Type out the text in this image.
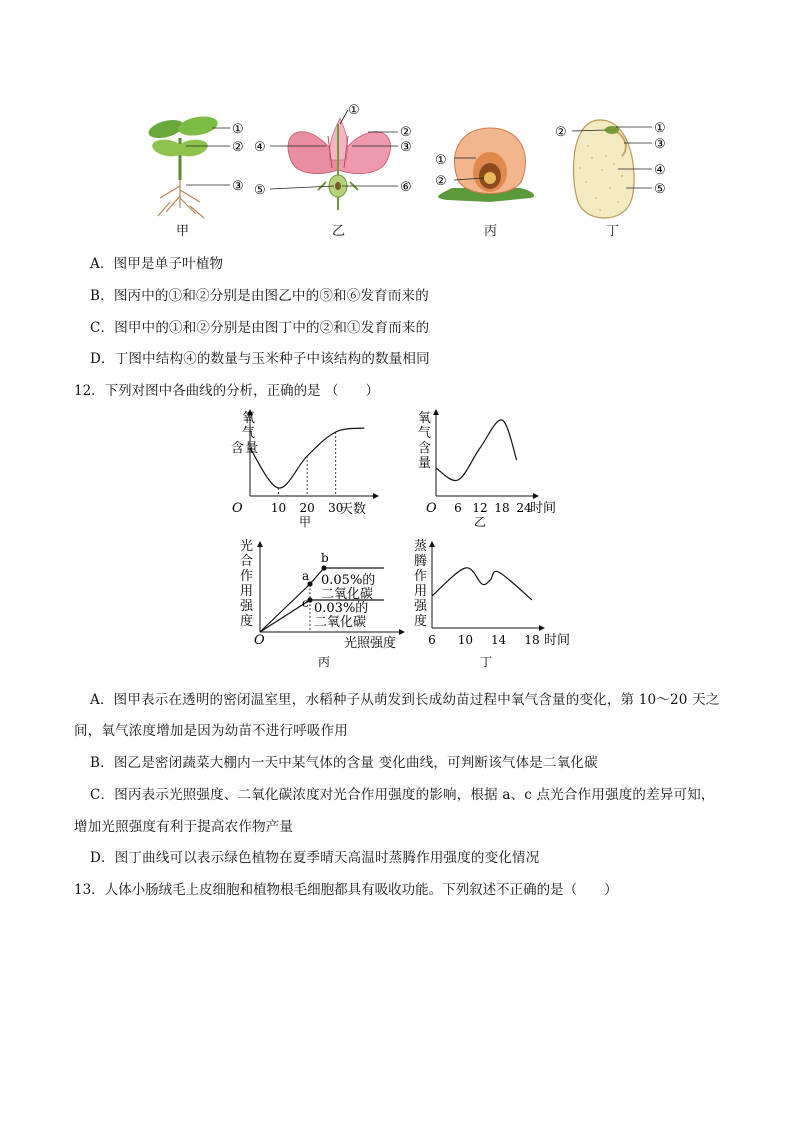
①
②
③
①
②
③
④
⑤	⑥
①
②
①
②
③
④
⑤
甲	乙	丙	丁
A．图甲是单子叶植物
B．图丙中的①和②分别是由图乙中的⑤和⑥发育而来的
C．图甲中的①和②分别是由图丁中的②和①发育而来的
D．丁图中结构④的数量与玉米种子中该结构的数量相同
12．下列对图中各曲线的分析，正确的是 （　　）
氧
气
含 量
O 10 20 30
天数
甲
氧
气
含
量
O 6 12 18 24
时间
乙
a
b
c
0.05%的
二氧化碳
0.03%的
二氧化碳
光
合
作
用
强
度
O	光照强度
丙
蒸
腾
作
用
强
度
6 10 14 18 时间
丁
A．图甲表示在透明的密闭温室里，水稻种子从萌发到长成幼苗过程中氧气含量的变化，第 10～20 天之
间，氧气浓度增加是因为幼苗不进行呼吸作用
B．图乙是密闭蔬菜大棚内一天中某气体的含量 变化曲线，可判断该气体是二氧化碳
C．图丙表示光照强度、二氧化碳浓度对光合作用强度的影响，根据 a、c 点光合作用强度的差异可知，
增加光照强度有利于提高农作物产量
D．图丁曲线可以表示绿色植物在夏季晴天高温时蒸腾作用强度的变化情况
13．人体小肠绒毛上皮细胞和植物根毛细胞都具有吸收功能。下列叙述不正确的是（　　）
